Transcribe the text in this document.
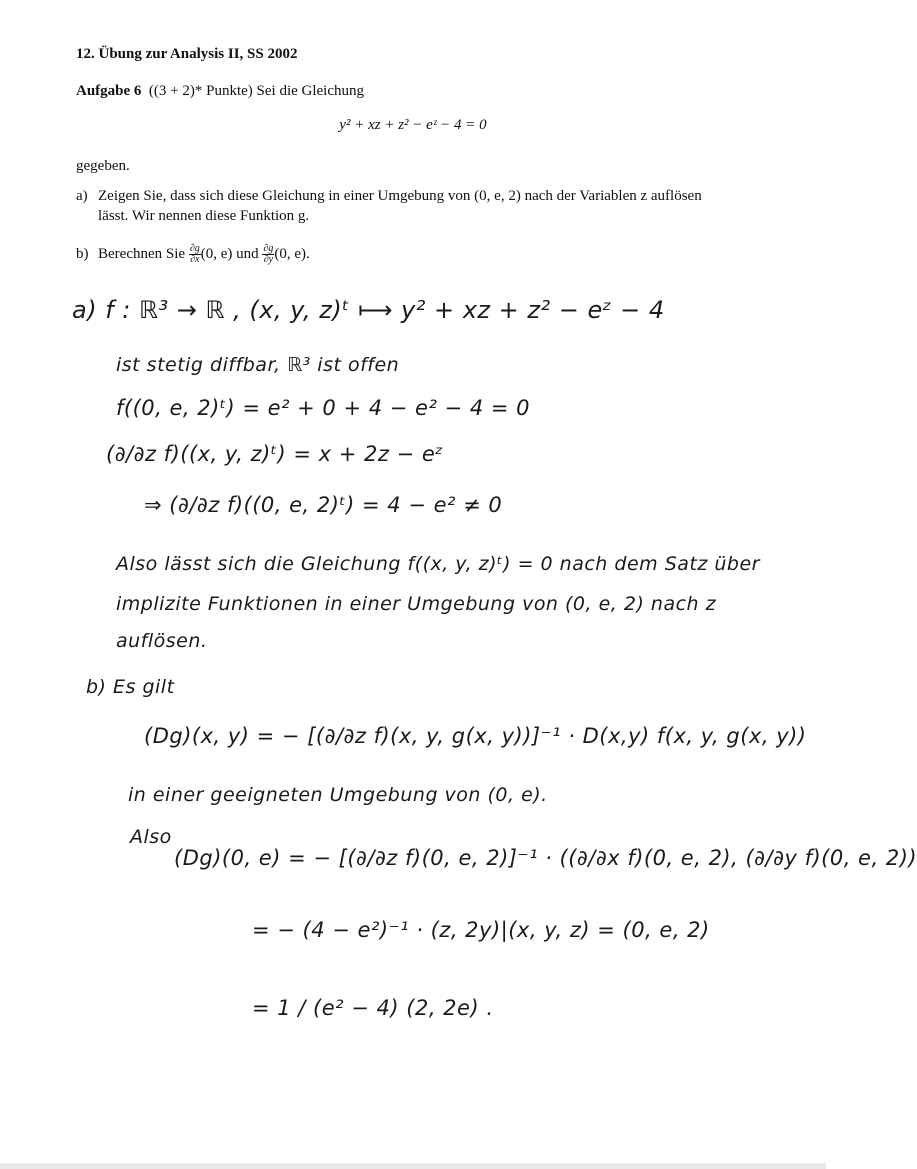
12. Übung zur Analysis II, SS 2002
Aufgabe 6 ((3 + 2)* Punkte) Sei die Gleichung
y² + xz + z² − eᶻ − 4 = 0
gegeben.
a) Zeigen Sie, dass sich diese Gleichung in einer Umgebung von (0, e, 2) nach der Variablen z auflösen
lässt. Wir nennen diese Funktion g.
b) Berechnen Sie $\frac{\partial g}{\partial x} (0$, e) und $\frac{\partial g}{\partial y} (0$, e).
a) f : ℝ³ → ℝ , (x, y, z)ᵗ ⟼ y² + xz + z² − eᶻ − 4
ist stetig diffbar, ℝ³ ist offen
f((0, e, 2)ᵗ) = e² + 0 + 4 − e² − 4 = 0
(∂/∂z f)((x, y, z)ᵗ) = x + 2z − eᶻ
⇒ (∂/∂z f)((0, e, 2)ᵗ) = 4 − e² ≠ 0
Also lässt sich die Gleichung f((x, y, z)ᵗ) = 0 nach dem Satz über
implizite Funktionen in einer Umgebung von (0, e, 2) nach z
auflösen.
b) Es gilt
(Dg)(x, y) = − [(∂/∂z f)(x, y, g(x, y))]⁻¹ · D(x,y) f(x, y, g(x, y))
in einer geeigneten Umgebung von (0, e).
Also
(Dg)(0, e) = − [(∂/∂z f)(0, e, 2)]⁻¹ · ((∂/∂x f)(0, e, 2), (∂/∂y f)(0, e, 2))
= − (4 − e²)⁻¹ · (z, 2y)|(x, y, z) = (0, e, 2)
= 1 / (e² − 4) (2, 2e) .
